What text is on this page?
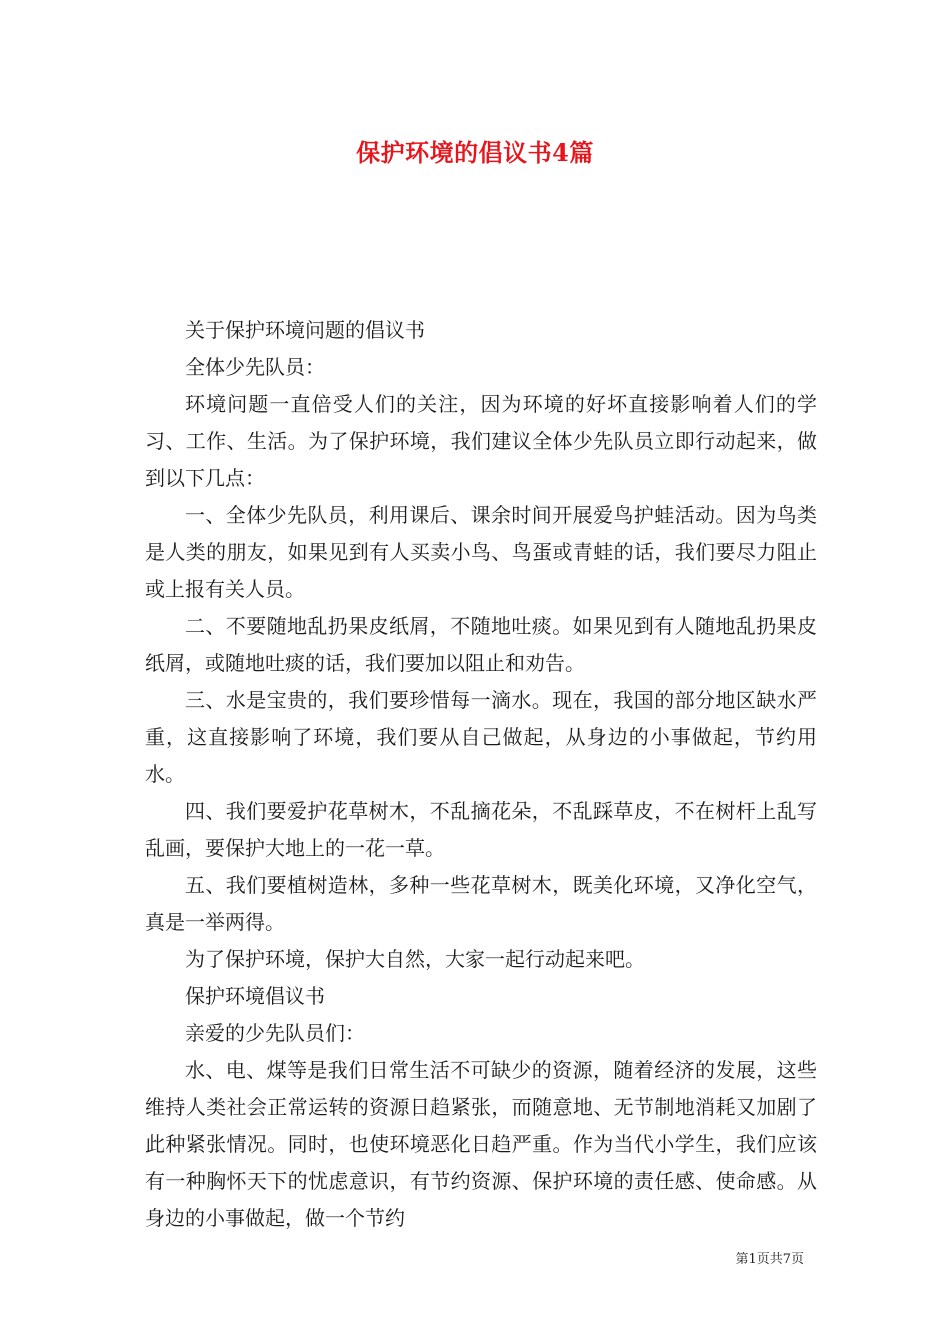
保护环境的倡议书4篇

关于保护环境问题的倡议书

全体少先队员：

环境问题一直倍受人们的关注，因为环境的好坏直接影响着人们的学习、工作、生活。为了保护环境，我们建议全体少先队员立即行动起来，做到以下几点：

一、全体少先队员，利用课后、课余时间开展爱鸟护蛙活动。因为鸟类是人类的朋友，如果见到有人买卖小鸟、鸟蛋或青蛙的话，我们要尽力阻止或上报有关人员。

二、不要随地乱扔果皮纸屑，不随地吐痰。如果见到有人随地乱扔果皮纸屑，或随地吐痰的话，我们要加以阻止和劝告。

三、水是宝贵的，我们要珍惜每一滴水。现在，我国的部分地区缺水严重，这直接影响了环境，我们要从自己做起，从身边的小事做起，节约用水。

四、我们要爱护花草树木，不乱摘花朵，不乱踩草皮，不在树杆上乱写乱画，要保护大地上的一花一草。

五、我们要植树造林，多种一些花草树木，既美化环境，又净化空气，真是一举两得。

为了保护环境，保护大自然，大家一起行动起来吧。

保护环境倡议书

亲爱的少先队员们：

水、电、煤等是我们日常生活不可缺少的资源，随着经济的发展，这些维持人类社会正常运转的资源日趋紧张，而随意地、无节制地消耗又加剧了此种紧张情况。同时，也使环境恶化日趋严重。作为当代小学生，我们应该有一种胸怀天下的忧虑意识，有节约资源、保护环境的责任感、使命感。从身边的小事做起，做一个节约

第1页共7页
